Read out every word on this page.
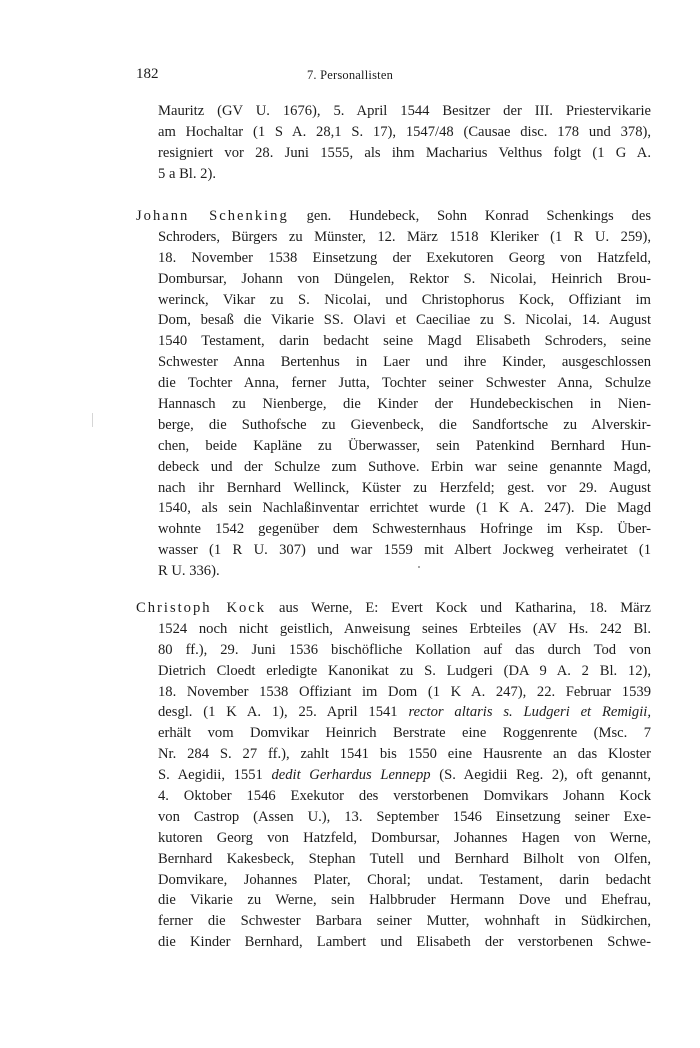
182	7. Personallisten
Mauritz (GV U. 1676), 5. April 1544 Besitzer der III. Priestervikarie
am Hochaltar (1 S A. 28,1 S. 17), 1547/48 (Causae disc. 178 und 378),
resigniert vor 28. Juni 1555, als ihm Macharius Velthus folgt (1 G A.
5 a Bl. 2).
Johann Schenking gen. Hundebeck, Sohn Konrad Schenkings des
Schroders, Bürgers zu Münster, 12. März 1518 Kleriker (1 R U. 259),
18. November 1538 Einsetzung der Exekutoren Georg von Hatzfeld,
Dombursar, Johann von Düngelen, Rektor S. Nicolai, Heinrich Brou-
werinck, Vikar zu S. Nicolai, und Christophorus Kock, Offiziant im
Dom, besaß die Vikarie SS. Olavi et Caeciliae zu S. Nicolai, 14. August
1540 Testament, darin bedacht seine Magd Elisabeth Schroders, seine
Schwester Anna Bertenhus in Laer und ihre Kinder, ausgeschlossen
die Tochter Anna, ferner Jutta, Tochter seiner Schwester Anna, Schulze
Hannasch zu Nienberge, die Kinder der Hundebeckischen in Nien-
berge, die Suthofsche zu Gievenbeck, die Sandfortsche zu Alverskir-
chen, beide Kapläne zu Überwasser, sein Patenkind Bernhard Hun-
debeck und der Schulze zum Suthove. Erbin war seine genannte Magd,
nach ihr Bernhard Wellinck, Küster zu Herzfeld; gest. vor 29. August
1540, als sein Nachlaßinventar errichtet wurde (1 K A. 247). Die Magd
wohnte 1542 gegenüber dem Schwesternhaus Hofringe im Ksp. Über-
wasser (1 R U. 307) und war 1559 mit Albert Jockweg verheiratet (1
R U. 336).
Christoph Kock aus Werne, E: Evert Kock und Katharina, 18. März
1524 noch nicht geistlich, Anweisung seines Erbteiles (AV Hs. 242 Bl.
80 ff.), 29. Juni 1536 bischöfliche Kollation auf das durch Tod von
Dietrich Cloedt erledigte Kanonikat zu S. Ludgeri (DA 9 A. 2 Bl. 12),
18. November 1538 Offiziant im Dom (1 K A. 247), 22. Februar 1539
desgl. (1 K A. 1), 25. April 1541 rector altaris s. Ludgeri et Remigii,
erhält vom Domvikar Heinrich Berstrate eine Roggenrente (Msc. 7
Nr. 284 S. 27 ff.), zahlt 1541 bis 1550 eine Hausrente an das Kloster
S. Aegidii, 1551 dedit Gerhardus Lennepp (S. Aegidii Reg. 2), oft genannt,
4. Oktober 1546 Exekutor des verstorbenen Domvikars Johann Kock
von Castrop (Assen U.), 13. September 1546 Einsetzung seiner Exe-
kutoren Georg von Hatzfeld, Dombursar, Johannes Hagen von Werne,
Bernhard Kakesbeck, Stephan Tutell und Bernhard Bilholt von Olfen,
Domvikare, Johannes Plater, Choral; undat. Testament, darin bedacht
die Vikarie zu Werne, sein Halbbruder Hermann Dove und Ehefrau,
ferner die Schwester Barbara seiner Mutter, wohnhaft in Südkirchen,
die Kinder Bernhard, Lambert und Elisabeth der verstorbenen Schwe-
